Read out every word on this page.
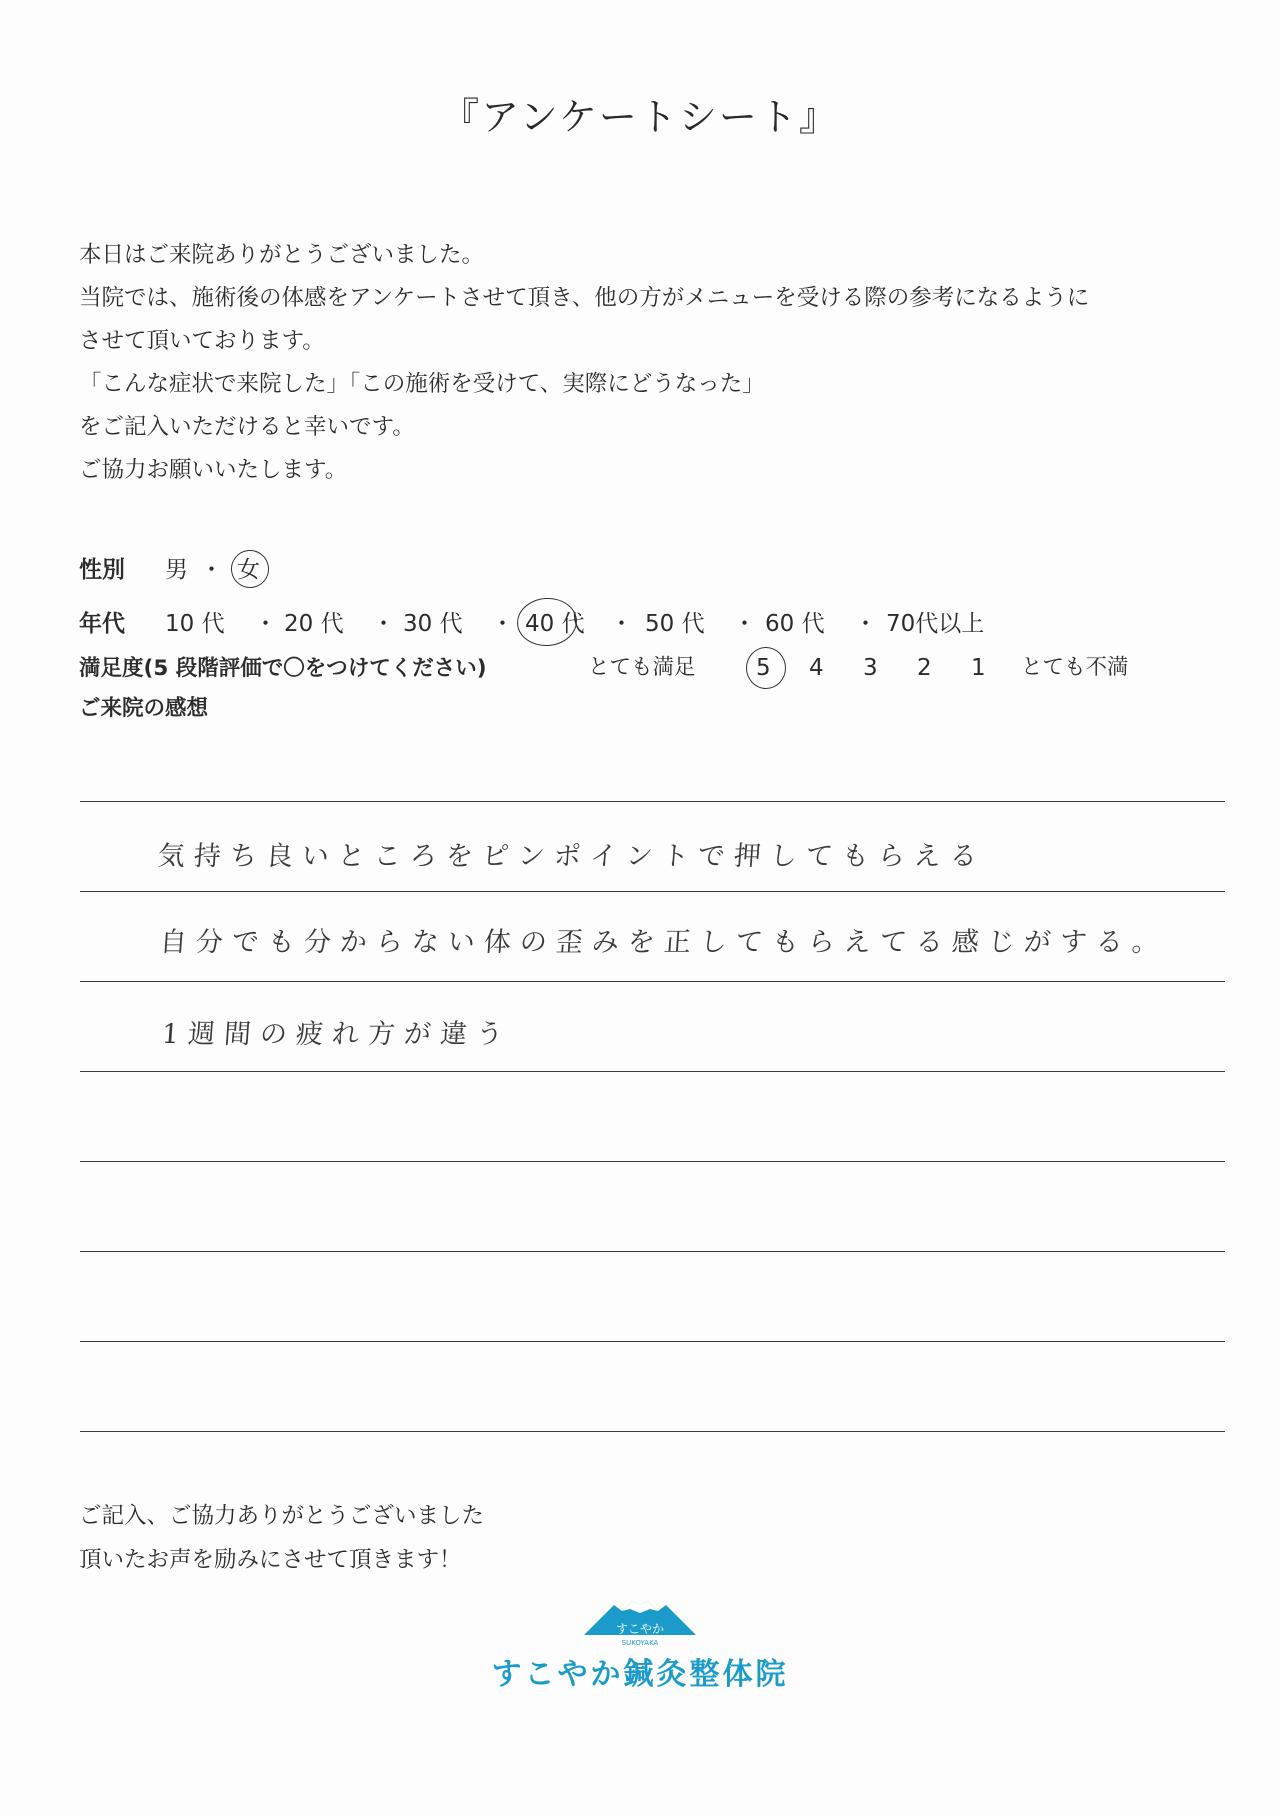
『アンケートシート』
本日はご来院ありがとうございました。
当院では、施術後の体感をアンケートさせて頂き、他の方がメニューを受ける際の参考になるように
させて頂いております。
「こんな症状で来院した」「この施術を受けて、実際にどうなった」
をご記入いただけると幸いです。
ご協力お願いいたします。
性別 男 ・ 女
年代 10 代 ・ 20 代 ・ 30 代 ・ 40 代 ・ 50 代 ・ 60 代 ・ 70代以上
満足度(5 段階評価で〇をつけてください)	とても満足	5 4 3 2 1 とても不満
ご来院の感想
気持ち良いところをピンポイントで押してもらえる
自分でも分からない体の歪みを正してもらえてる感じがする。
1週間の疲れ方が違う
ご記入、ご協力ありがとうございました
頂いたお声を励みにさせて頂きます！
すこやか
SUKOYAKA
すこやか鍼灸整体院
